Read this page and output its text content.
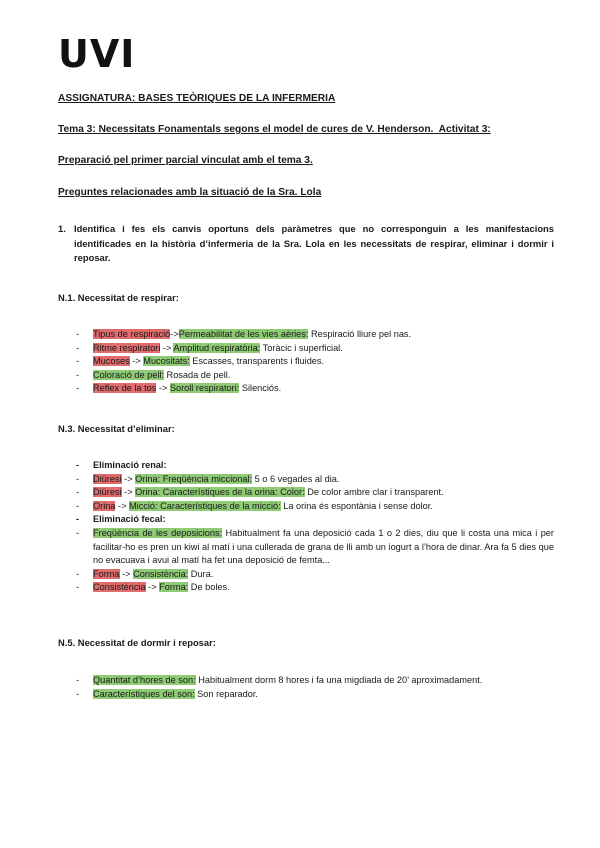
UVI
ASSIGNATURA: BASES TEÒRIQUES DE LA INFERMERIA
Tema 3: Necessitats Fonamentals segons el model de cures de V. Henderson. Activitat 3:
Preparació pel primer parcial vinculat amb el tema 3.
Preguntes relacionades amb la situació de la Sra. Lola
1. Identifica i fes els canvis oportuns dels paràmetres que no corresponguin a les manifestacions identificades en la història d’infermeria de la Sra. Lola en les necessitats de respirar, eliminar i dormir i reposar.
N.1. Necessitat de respirar:
- Tipus de respiració->Permeabilitat de les vies aèries: Respiració lliure pel nas.
- Ritme respiratori -> Amplitud respiratòria: Toràcic i superficial.
- Mucoses -> Mucositats: Escasses, transparents i fluides.
- Coloració de pell: Rosada de pell.
- Reflex de la tos -> Soroll respiratori: Silenciós.
N.3. Necessitat d’eliminar:
- Eliminació renal:
- Diüresi -> Orina: Freqüència miccional: 5 o 6 vegades al dia.
- Diüresi -> Orina: Característiques de la orina: Color: De color ambre clar i transparent.
- Orina -> Micció: Característiques de la micció: La orina és espontània i sense dolor.
- Eliminació fecal:
- Freqüència de les deposicions: Habitualment fa una deposició cada 1 o 2 dies, diu que li costa una mica i per facilitar-ho es pren un kiwi al matí i una cullerada de grana de lli amb un iogurt a l’hora de dinar. Ara fa 5 dies que no evacuava i avui al matí ha fet una deposició de femta...
- Forma -> Consistència: Dura.
- Consistència -> Forma: De boles.
N.5. Necessitat de dormir i reposar:
- Quantitat d’hores de son: Habitualment dorm 8 hores i fa una migdiada de 20’ aproximadament.
- Característiques del son: Son reparador.
